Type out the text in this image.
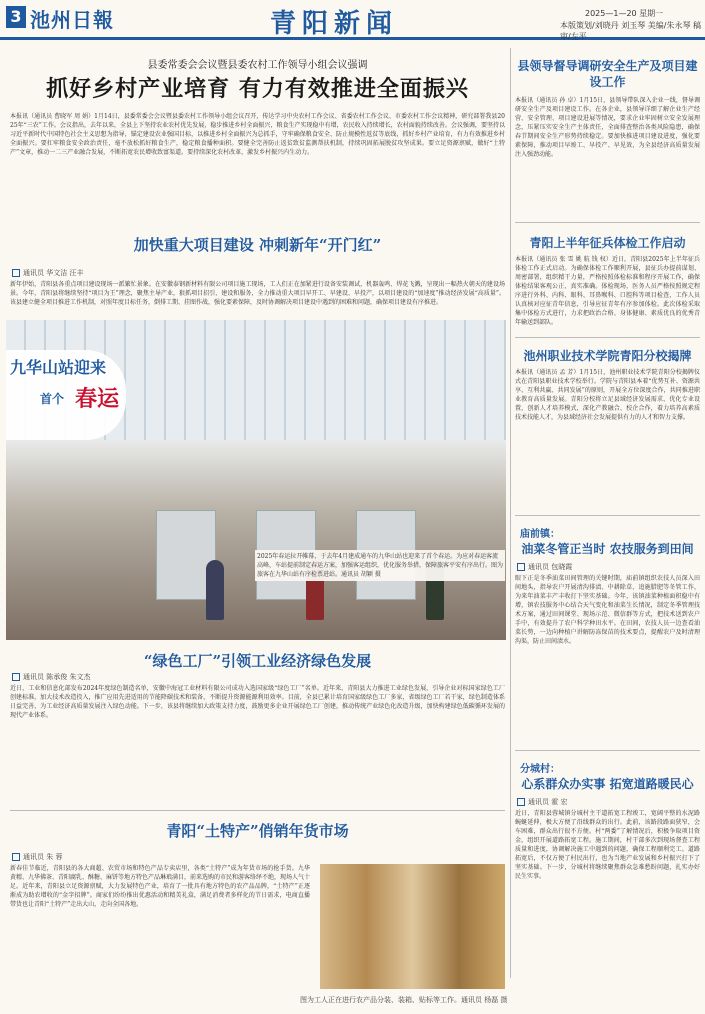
3 池州日報	青阳新闻	2025—1—20 星期一
本版策划/刘晓丹 刘玉琴 美编/朱永琴 稿审/左平
县委常委会会议暨县委农村工作领导小组会议强调
抓好乡村产业培育 有力有效推进全面振兴
本报讯（通讯员 曹晓军 周 娟）1月14日，县委常委会会议暨县委农村工作领导小组会议召开，传达学习中央农村工作会议、省委农村工作会议、市委农村工作会议精神，研究部署我县2025年“三农”工作。会议指出，去年以来，全县上下坚持农业农村优先发展，稳步推进乡村全面振兴，粮食生产实现稳中有增，农民收入持续增长，农村面貌持续改善。会议强调，要坚持以习近平新时代中国特色社会主义思想为指导，锚定建设农业强国目标，以推进乡村全面振兴为总抓手，守牢确保粮食安全、防止规模性返贫等底线，抓好乡村产业培育，有力有效推进乡村全面振兴。要扛牢粮食安全政治责任，毫不放松抓好粮食生产，稳定粮食播种面积。要健全完善防止返贫致贫监测帮扶机制，持续巩固拓展脱贫攻坚成果。要立足资源禀赋，做好“土特产”文章，推动一二三产业融合发展，不断拓宽农民增收致富渠道。要持续深化农村改革，激发乡村振兴内生动力。
县领导督导调研安全生产及项目建设工作
本报讯（通讯员 孙 卓）1月15日，县领导带队深入企业一线，督导调研安全生产及项目建设工作。在各企业，县领导详细了解企业生产经营、安全管理、项目建设进展等情况，要求企业牢固树立安全发展理念，压紧压实安全生产主体责任，全面排查整治各类风险隐患，确保春节期间安全生产形势持续稳定。要加快推进项目建设进度，强化要素保障，推动项目早竣工、早投产、早见效，为全县经济高质量发展注入强劲动能。
加快重大项目建设 冲刺新年“开门红”
通讯员 华文洁 汪丰
新年伊始，青阳县各重点项目建设现场一派繁忙景象。在安徽泰钢新材料有限公司项目施工现场，工人们正在加紧进行设备安装调试，机器轰鸣、焊花飞溅，呈现出一幅热火朝天的建设场景。今年，青阳县将继续坚持“项目为王”理念，聚焦主导产业，狠抓项目招引、建设和服务，全力推动重大项目早开工、早建设、早投产，以项目建设的“加速度”推动经济发展“高质量”。该县建立健全项目推进工作机制，对照年度目标任务，倒排工期、挂图作战，强化要素保障，及时协调解决项目建设中遇到的困难和问题，确保项目建设有序推进。
青阳上半年征兵体检工作启动
本报讯（通讯员 张 雪 姚 航 钱 权）近日，青阳县2025年上半年征兵体检工作正式启动。为确保体检工作顺利开展，县征兵办提前谋划、周密部署，组织精干力量，严格按照体检标准和程序开展工作，确保体检结果客观公正、真实准确。体检现场，医务人员严格按照规定程序进行外科、内科、眼科、耳鼻喉科、口腔科等项目检查，工作人员认真核对应征青年信息，引导应征青年有序参加体检。此次体检采取集中体检方式进行，力求把政治合格、身体健康、素质优良的优秀青年输送到部队。
池州职业技术学院青阳分校揭牌
本报讯（通讯员 孟 芳）1月15日，池州职业技术学院青阳分校揭牌仪式在青阳县职业技术学校举行。学院与青阳县本着“优势互补、资源共享、互利共赢、共同发展”的原则，开展全方位深度合作，共同推进职业教育高质量发展。青阳分校将立足县域经济发展需求，优化专业设置，创新人才培养模式，深化产教融合、校企合作，着力培养高素质技术技能人才，为县域经济社会发展提供有力的人才和智力支撑。
九华山站迎来
首个 春运
2025年春运拉开帷幕，于去年4月建成通车的九华山站也迎来了首个春运。为应对春运客流高峰，车站提前制定春运方案，加强客运组织，优化服务举措，保障旅客平安有序出行。图为旅客在九华山站有序检票进站。通讯员 胡颖 摄
庙前镇：
油菜冬管正当时 农技服务到田间
通讯员 包晓霞
眼下正是冬季油菜田间管理的关键时期，庙前镇组织农技人员深入田间地头，指导农户开展清沟排渍、中耕除草、追施腊肥等冬管工作，为来年油菜丰产丰收打下坚实基础。今年，该镇油菜种植面积稳中有增，镇农技服务中心结合天气变化和油菜生长情况，制定冬季管理技术方案，通过田间课堂、现场示范、微信群等方式，把技术送到农户手中，有效提升了农户科学种田水平。在田间，农技人员一边查看油菜长势，一边向种植户讲解防冻保苗的技术要点，提醒农户及时清理沟渠，防止田间渍水。
“绿色工厂”引领工业经济绿色发展
通讯员 陈承俊 朱文杰
近日，工业和信息化部发布2024年度绿色制造名单，安徽中海冠工业材料有限公司成功入选国家级“绿色工厂”名单。近年来，青阳县大力推进工业绿色发展，引导企业对标国家绿色工厂创建标准，加大技术改造投入，推广应用先进适用的节能降碳技术和装备，不断提升资源能源利用效率。目前，全县已累计培育国家级绿色工厂多家，省级绿色工厂若干家，绿色制造体系日益完善，为工业经济高质量发展注入绿色动能。下一步，该县将继续加大政策支持力度，鼓励更多企业开展绿色工厂创建，推动传统产业绿色化改造升级，加快构建绿色低碳循环发展的现代产业体系。
青阳“土特产”俏销年货市场
通讯员 朱 蓉
新春佳节临近，青阳县的各大商超、农贸市场和特色产品专卖店里，各类“土特产”成为年货市场的抢手货。九华黄精、九华佛茶、青阳腐乳、酥糖、麻饼等地方特色产品琳琅满目，前来选购的市民和游客络绎不绝，现场人气十足。近年来，青阳县立足资源禀赋，大力发展特色产业，培育了一批具有地方特色的农产品品牌，“土特产”正逐渐成为助农增收的“金字招牌”。商家们纷纷推出优惠活动和精美礼盒，满足消费者多样化的节日需求，电商直播带货也让青阳“土特产”走出大山，走向全国各地。
分城村：
心系群众办实事 拓宽道路暖民心
通讯员 霍 宏
近日，青阳县蓉城镇分城村主干道拓宽工程竣工，宽阔平整的水泥路蜿蜒延伸，极大方便了沿线群众的出行。此前，该路段路面狭窄，会车困难，群众出行很不方便。村“两委”了解情况后，积极争取项目资金，组织开展道路拓宽工程。施工期间，村干部多次到现场督查工程质量和进度，协调解决施工中遇到的问题，确保工程顺利完工。道路拓宽后，不仅方便了村民出行，也为当地产业发展和乡村振兴打下了坚实基础。下一步，分城村将继续聚焦群众急难愁盼问题，扎实办好民生实事。
图为工人正在进行农产品分装、装箱、贴标等工作。通讯员 杨磊 摄
